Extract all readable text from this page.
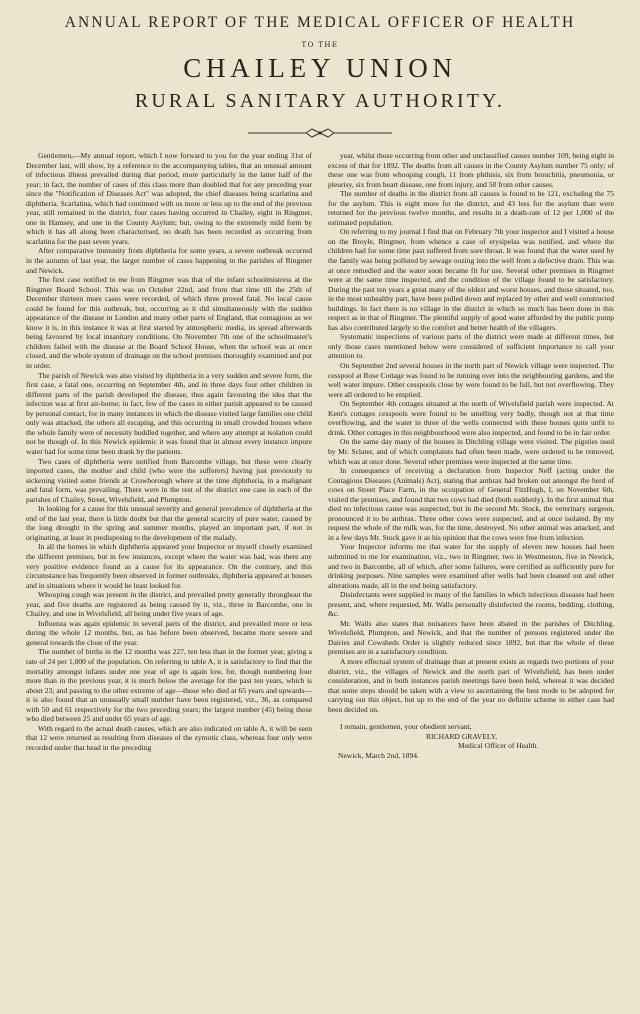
ANNUAL REPORT OF THE MEDICAL OFFICER OF HEALTH
TO THE
CHAILEY UNION
RURAL SANITARY AUTHORITY.

Gentlemen,—My annual report, which I now forward to you for the year ending 31st of December last, will show, by a reference to the accompanying tables, that an unusual amount of infectious illness prevailed during that period, more particularly in the latter half of the year; in fact, the number of cases of this class more than doubled that for any preceding year since the "Notification of Diseases Act" was adopted, the chief diseases being scarlatina and diphtheria. Scarlatina, which had continued with us more or less up to the end of the previous year, still remained in the district, four cases having occurred in Chailey, eight in Ringmer, one in Hamsey, and one in the County Asylum; but, owing to the extremely mild form by which it has all along been characterised, no death has been recorded as occurring from scarlatina for the past seven years.

After comparative immunity from diphtheria for some years, a severe outbreak occurred in the autumn of last year, the larger number of cases happening in the parishes of Ringmer and Newick.

The first case notified to me from Ringmer was that of the infant schoolmistress at the Ringmer Board School. This was on October 22nd, and from that time till the 25th of December thirteen more cases were recorded, of which three proved fatal. No local cause could be found for this outbreak, but, occurring as it did simultaneously with the sudden appearance of the disease in London and many other parts of England, that contagious as we know it is, in this instance it was at first started by atmospheric media, its spread afterwards being favoured by local insanitary conditions. On November 7th one of the schoolmaster's children failed with the disease at the Board School House, when the school was at once closed, and the whole system of drainage on the school premises thoroughly examined and put in order.

The parish of Newick was also visited by diphtheria in a very sudden and severe form, the first case, a fatal one, occurring on September 4th, and in three days four other children in different parts of the parish developed the disease, thus again favouring the idea that the infection was at first air-borne; in fact, few of the cases in either parish appeared to be caused by personal contact, for in many instances in which the disease visited large families one child only was attacked, the others all escaping, and this occurring in small crowded houses where the whole family were of necessity huddled together, and where any attempt at isolation could not be though of. In this Newick epidemic it was found that in almost every instance impure water had for some time been drank by the patients.

Two cases of diphtheria were notified from Barcombe village, but these were clearly imported cases, the mother and child (who were the sufferers) having just previously to sickening visited some friends at Crowborough where at the time diphtheria, in a malignant and fatal form, was prevailing. There were in the rest of the district one case in each of the parishes of Chailey, Street, Wivelsfield, and Plumpton.

In looking for a cause for this unusual severity and general prevalence of diphtheria at the end of the last year, there is little doubt but that the general scarcity of pure water, caused by the long drought in the spring and summer months, played an important part, if not in originating, at least in predisposing to the development of the malady.

In all the homes in which diphtheria appeared your Inspector or myself closely examined the different premises, but in few instances, except where the water was bad, was there any very positive evidence found as a cause for its appearance. On the contrary, and this circumstance has frequently been observed in former outbreaks, diphtheria appeared at houses and in situations where it would be least looked for.

Whooping cough was present in the district, and prevailed pretty generally throughout the year, and five deaths are registered as being caused by it, viz., three in Barcombe, one in Chailey, and one in Wivelsfield, all being under five years of age.

Influenza was again epidemic in several parts of the district, and prevailed more or less during the whole 12 months, but, as has before been observed, became more severe and general towards the close of the year.

The number of births in the 12 months was 227, ten less than in the former year, giving a rate of 24 per 1,000 of the population. On referring to table A, it is satisfactory to find that the mortality amongst infants under one year of age is again low, for, though numbering four more than in the previous year, it is much below the average for the past ten years, which is about 23; and passing to the other extreme of age—those who died at 65 years and upwards—it is also found that an unusually small number have been registered, viz., 36, as compared with 50 and 61 respectively for the two preceding years; the largest number (45) being those who died between 25 and under 65 years of age.

With regard to the actual death causes, which are also indicated on table A, it will be seen that 12 were returned as resulting from diseases of the zymotic class, whereas four only were recorded under that head in the preceding

year, whilst those occurring from other and unclassified causes number 109, being eight in excess of that for 1892. The deaths from all causes in the County Asylum number 75 only; of these one was from whooping cough, 11 from phthisis, six from bronchitis, pneumonia, or pleurisy, six from heart disease, one from injury, and 50 from other causes.

The number of deaths in the district from all causes is found to be 121, excluding the 75 for the asylum. This is eight more for the district, and 43 less for the asylum than were returned for the previous twelve months, and results in a death-rate of 12 per 1,000 of the estimated population.

On referring to my journal I find that on February 7th your inspector and I visited a house on the Broyle, Ringmer, from whence a case of erysipelas was notified, and where the children had for some time past suffered from sore throat. It was found that the water used by the family was being polluted by sewage oozing into the well from a defective drain. This was at once remedied and the water soon became fit for use. Several other premises in Ringmer were at the same time inspected, and the condition of the village found to be satisfactory. During the past ten years a great many of the oldest and worst houses, and those situated, too, in the most unhealthy part, have been pulled down and replaced by other and well constructed buildings. In fact there is no village in the district in which so much has been done in this respect as in that of Ringmer. The plentiful supply of good water afforded by the public pump has also contributed largely to the comfort and better health of the villagers.

Systematic inspections of various parts of the district were made at different times, but only those cases mentioned below were considered of sufficient importance to call your attention to.

On September 2nd several houses in the north part of Newick village were inspected. The cesspool at Rose Cottage was found to be running over into the neighbouring gardens, and the well water impure. Other cesspools close by were found to be full, but not overflowing. They were all ordered to be emptied.

On September 4th cottages situated at the north of Wivelsfield parish were inspected. At Kent's cottages cesspools were found to be smelling very badly, though not at that time overflowing, and the water in three of the wells connected with these houses quite unfit to drink. Other cottages in this neighbourhood were also inspected, and found to be in fair order.

On the same day many of the houses in Ditchling village were visited. The pigsties used by Mr. Sclater, and of which complaints had often been made, were ordered to be removed, which was at once done. Several other premises were inspected at the same time.

In consequence of receiving a declaration from Inspector Neff (acting under the Contagious Diseases (Animals) Act), stating that anthrax had broken out amongst the herd of cows on Street Place Farm, in the occupation of General FitzHugh, I, on November 6th, visited the premises, and found that two cows had died (both suddenly). In the first animal that died no infectious cause was suspected, but in the second Mr. Stock, the veterinary surgeon, pronounced it to be anthrax. Three other cows were suspected, and at once isolated. By my request the whole of the milk was, for the time, destroyed. No other animal was attacked, and in a few days Mr. Stock gave it as his opinion that the cows were free from infection.

Your Inspector informs me that water for the supply of eleven new houses had been submitted to me for examination, viz., two in Ringmer, two in Westmeston, five in Newick, and two in Barcombe, all of which, after some failures, were certified as sufficiently pure for drinking purposes. Nine samples were examined after wells had been cleaned out and other alterations made, all in the end being satisfactory.

Disinfectants were supplied to many of the families in which infectious diseases had been present, and, where requested, Mr. Walls personally disinfected the rooms, bedding, clothing, &c.

Mr. Walls also states that nuisances have been abated in the parishes of Ditchling, Wivelsfield, Plumpton, and Newick, and that the number of persons registered under the Dairies and Cowsheds Order is slightly reduced since 1892, but that the whole of these premises are in a satisfactory condition.

A more effectual system of drainage than at present exists as regards two portions of your district, viz., the villages of Newick and the north part of Wivelsfield, has been under consideration, and in both instances parish meetings have been held, whereat it was decided that some steps should be taken with a view to ascertaining the best mode to be adopted for carrying out this object, but up to the end of the year no definite scheme in either case had been decided on.

I remain, gentlemen, your obedient servant,
RICHARD GRAVELY,
Medical Officer of Health.
Newick, March 2nd, 1894.
